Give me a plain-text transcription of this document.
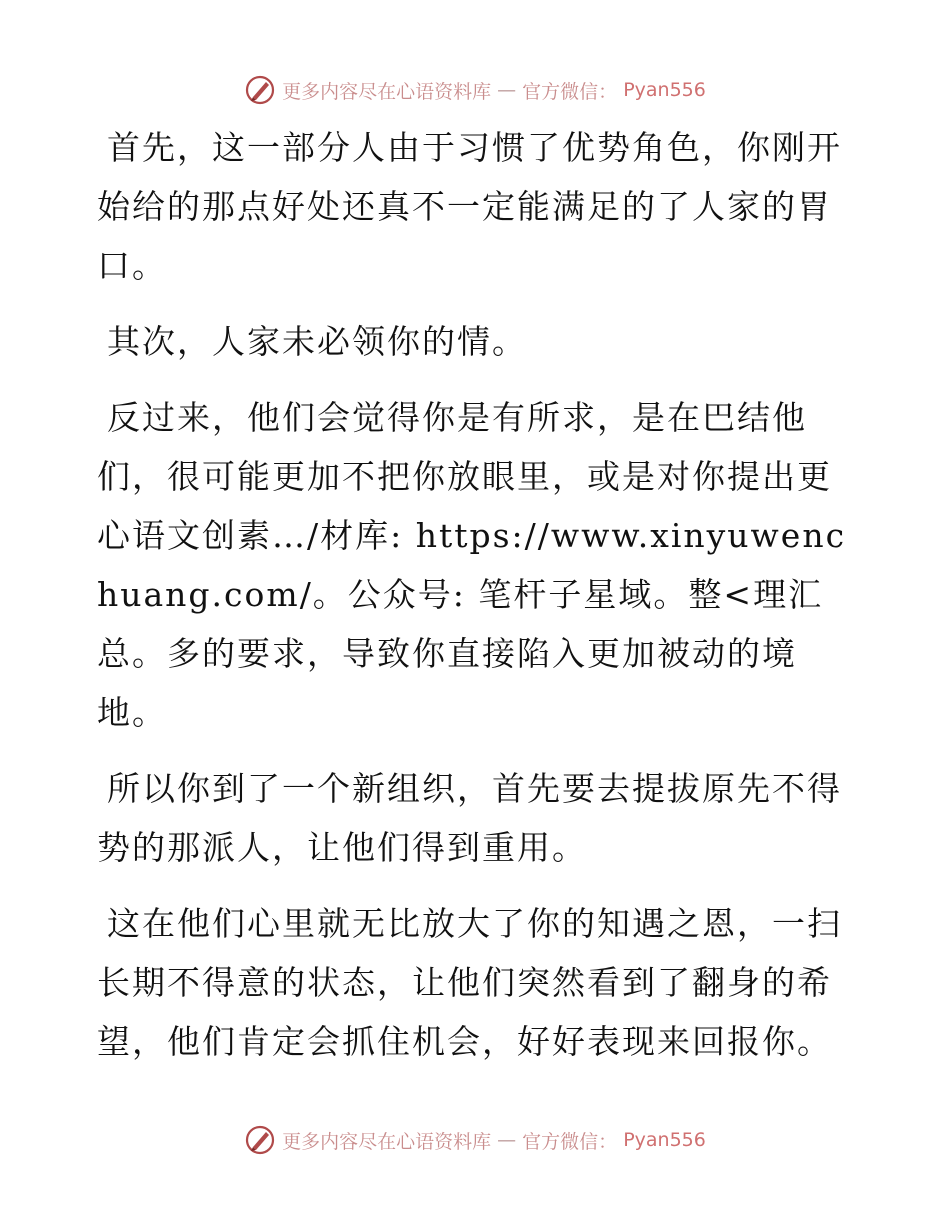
更多内容尽在心语资料库 — 官方微信： Pyan556

首先，这一部分人由于习惯了优势角色，你刚开始给的那点好处还真不一定能满足的了人家的胃口。

其次，人家未必领你的情。

反过来，他们会觉得你是有所求，是在巴结他们，很可能更加不把你放眼里，或是对你提出更心语文创素…/材库: https://www.xinyuwenchuang.com/。公众号: 笔杆子星域。整<理汇总。多的要求，导致你直接陷入更加被动的境地。

所以你到了一个新组织，首先要去提拔原先不得势的那派人，让他们得到重用。

这在他们心里就无比放大了你的知遇之恩，一扫长期不得意的状态，让他们突然看到了翻身的希望，他们肯定会抓住机会，好好表现来回报你。

更多内容尽在心语资料库 — 官方微信： Pyan556
